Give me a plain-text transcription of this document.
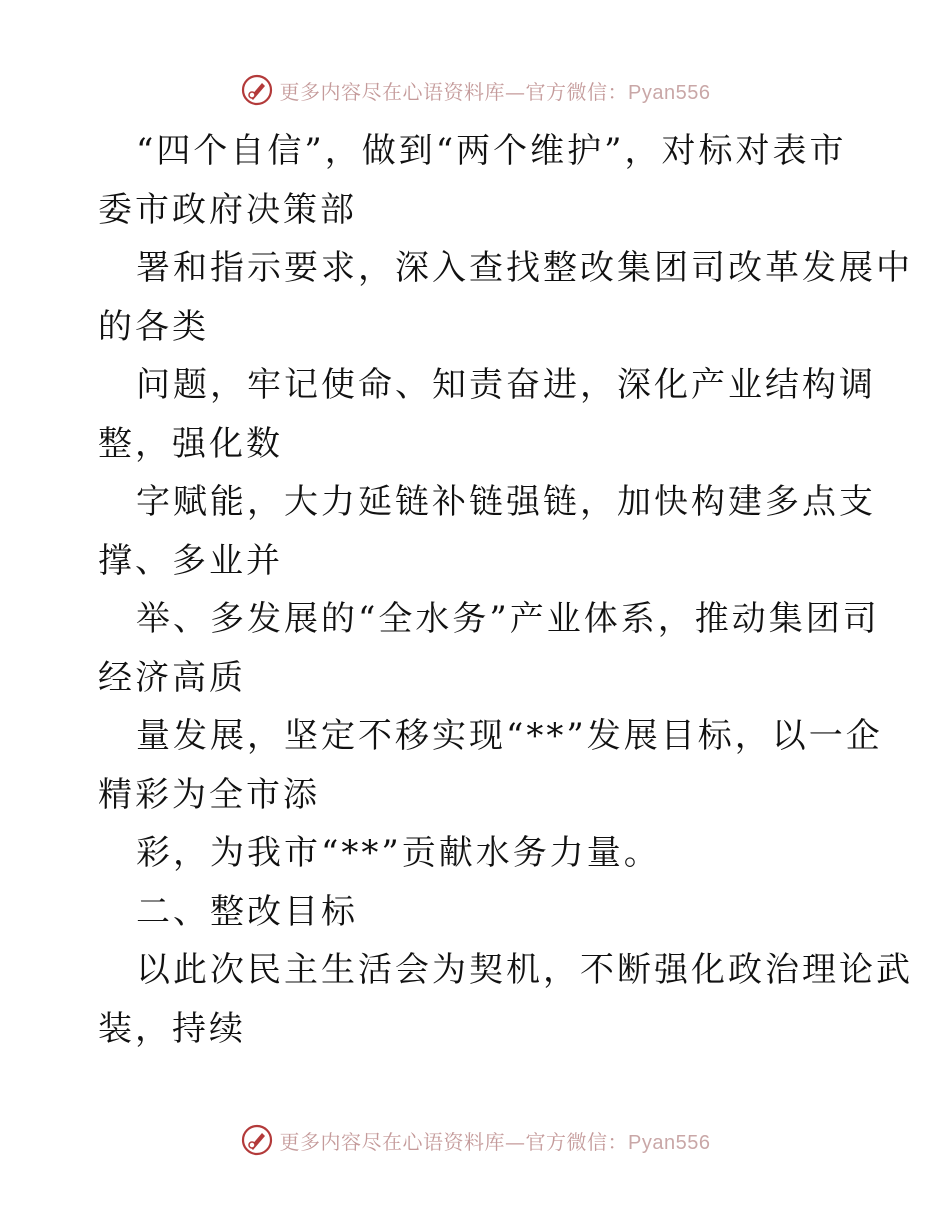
更多内容尽在心语资料库—官方微信：Pyan556
“四个自信”，做到“两个维护”，对标对表市
委市政府决策部
署和指示要求，深入查找整改集团司改革发展中
的各类
问题，牢记使命、知责奋进，深化产业结构调
整，强化数
字赋能，大力延链补链强链，加快构建多点支
撑、多业并
举、多发展的“全水务”产业体系，推动集团司
经济高质
量发展，坚定不移实现“**”发展目标，以一企
精彩为全市添
彩，为我市“**”贡献水务力量。
二、整改目标
以此次民主生活会为契机，不断强化政治理论武
装，持续
更多内容尽在心语资料库—官方微信：Pyan556
